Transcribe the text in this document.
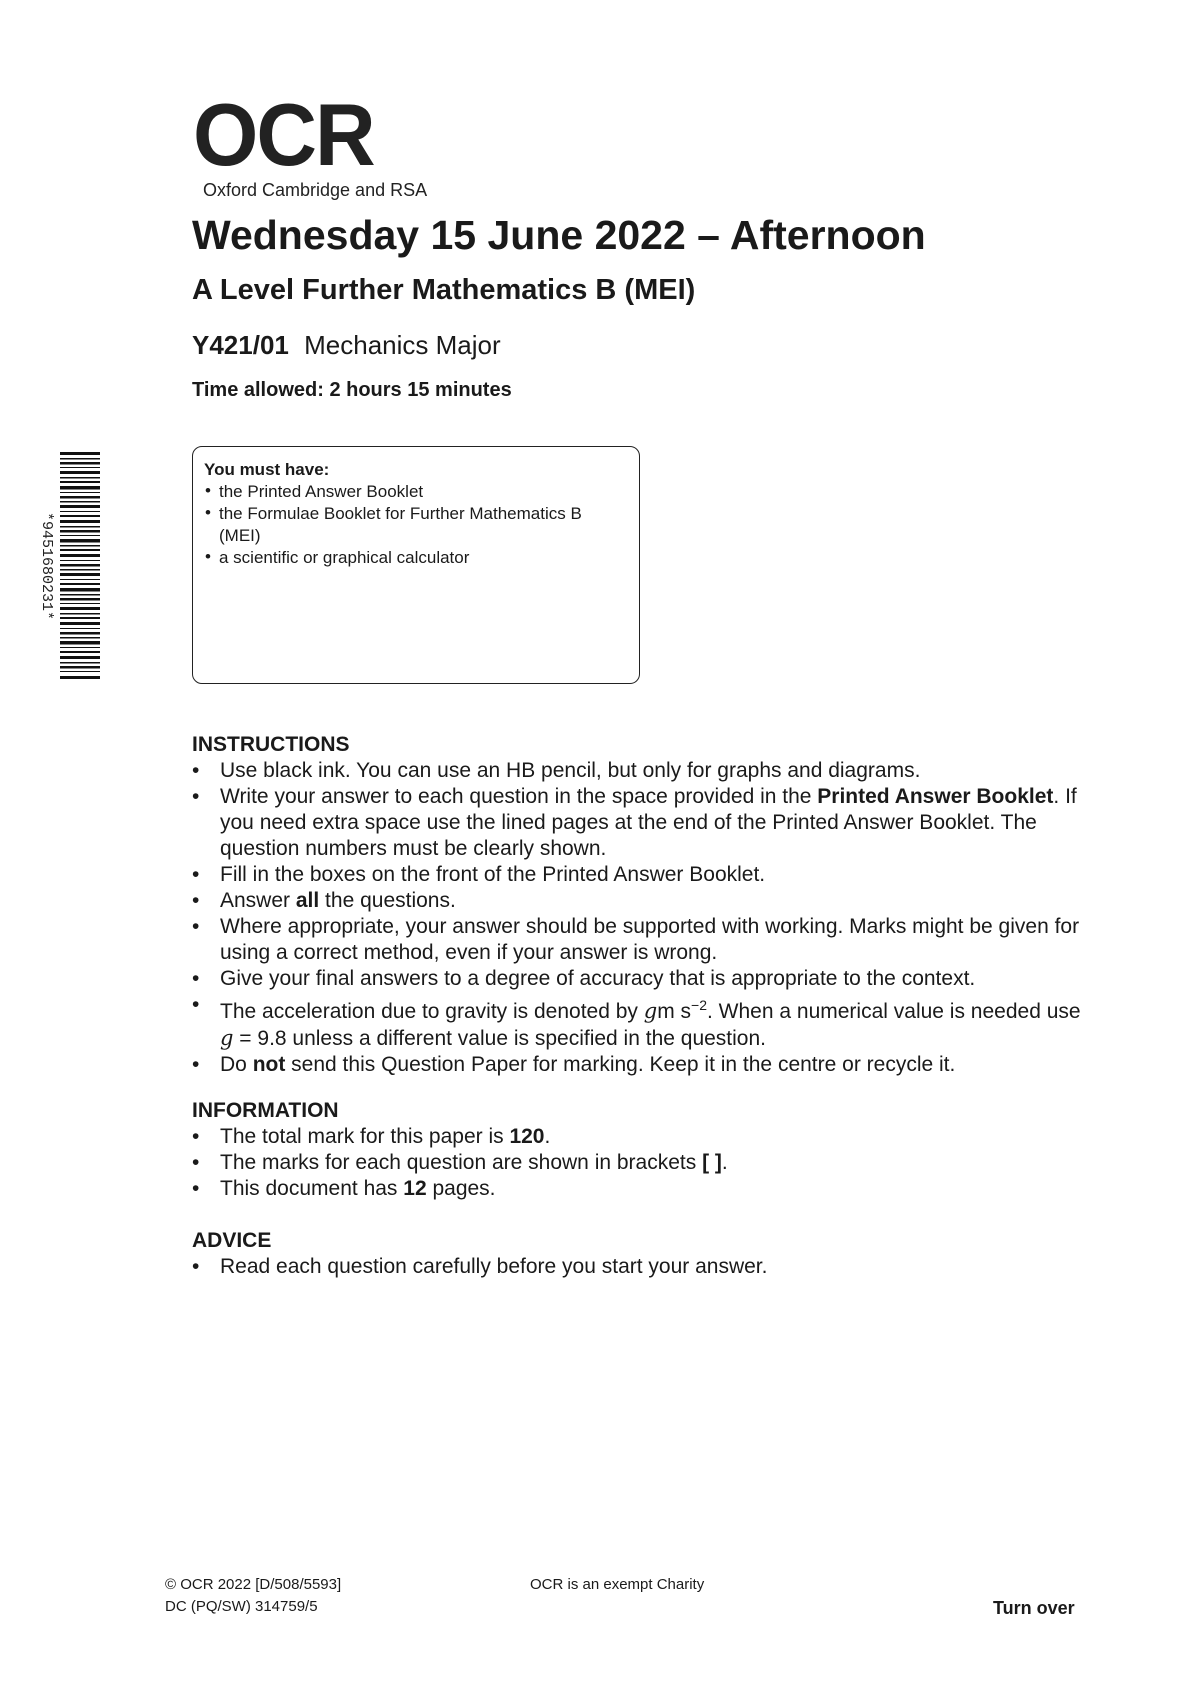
OCR
Oxford Cambridge and RSA
Wednesday 15 June 2022 – Afternoon
A Level Further Mathematics B (MEI)
Y421/01 Mechanics Major
Time allowed: 2 hours 15 minutes
*9451680231*
You must have:
• the Printed Answer Booklet
• the Formulae Booklet for Further Mathematics B (MEI)
• a scientific or graphical calculator
INSTRUCTIONS
• Use black ink. You can use an HB pencil, but only for graphs and diagrams.
• Write your answer to each question in the space provided in the Printed Answer Booklet. If you need extra space use the lined pages at the end of the Printed Answer Booklet. The question numbers must be clearly shown.
• Fill in the boxes on the front of the Printed Answer Booklet.
• Answer all the questions.
• Where appropriate, your answer should be supported with working. Marks might be given for using a correct method, even if your answer is wrong.
• Give your final answers to a degree of accuracy that is appropriate to the context.
• The acceleration due to gravity is denoted by gm $s^{-2}$. When a numerical value is needed use g = 9.8 unless a different value is specified in the question.
• Do not send this Question Paper for marking. Keep it in the centre or recycle it.
INFORMATION
• The total mark for this paper is 120.
• The marks for each question are shown in brackets [ ].
• This document has 12 pages.
ADVICE
• Read each question carefully before you start your answer.
© OCR 2022 [D/508/5593]
DC (PQ/SW) 314759/5
OCR is an exempt Charity
Turn over
